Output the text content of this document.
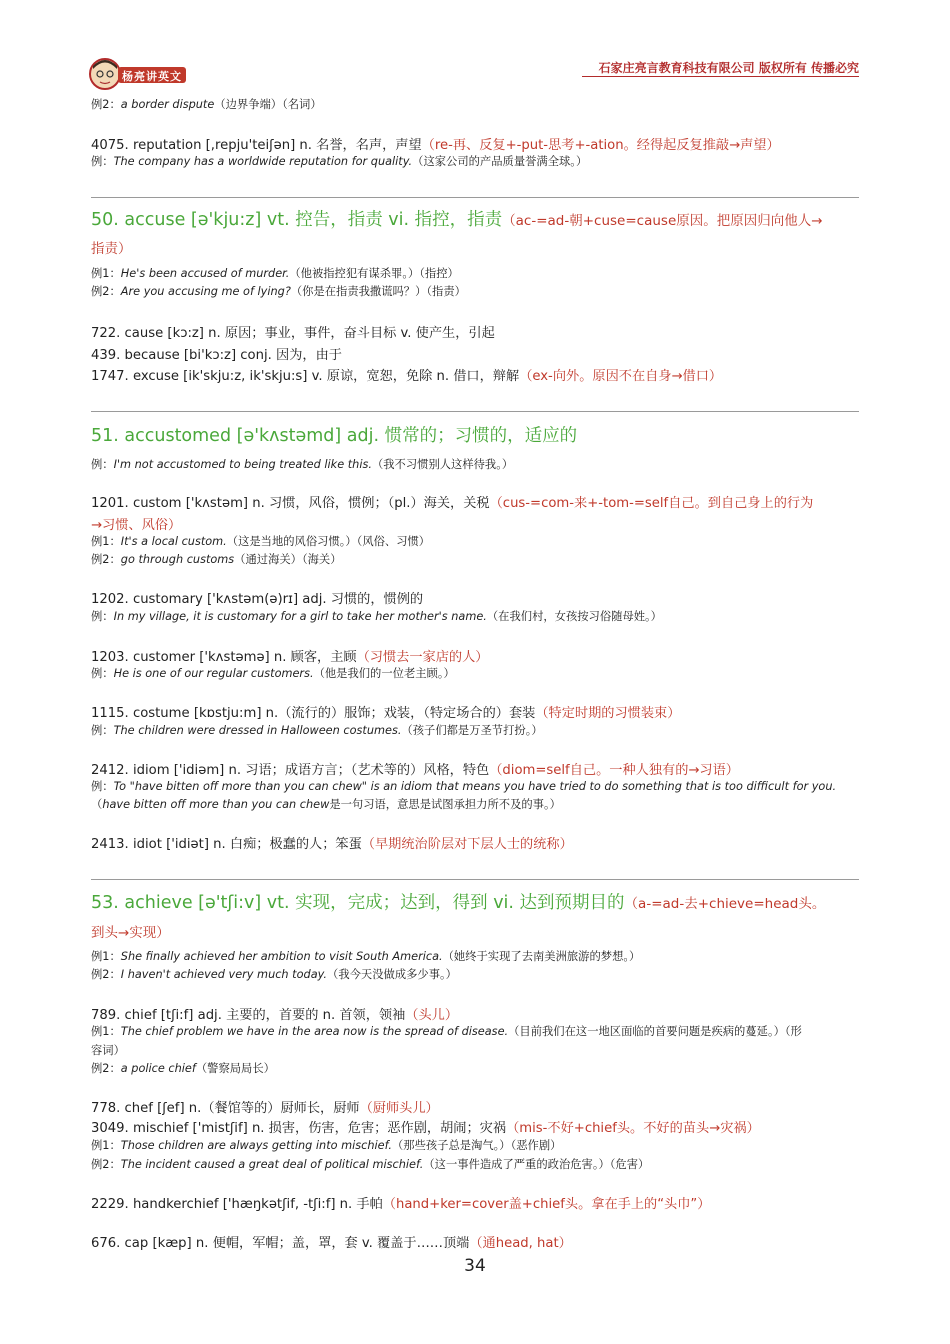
杨亮讲英文
石家庄亮言教育科技有限公司 版权所有 传播必究
例2：a border dispute（边界争端）（名词）
4075. reputation [,repju'teiʃən] n. 名誉，名声，声望（re-再、反复+-put-思考+-ation。经得起反复推敲→声望）
例：The company has a worldwide reputation for quality.（这家公司的产品质量誉满全球。）
50. accuse [ə'kju:z] vt. 控告，指责 vi. 指控，指责（ac-=ad-朝+cuse=cause原因。把原因归向他人→
指责）
例1：He's been accused of murder.（他被指控犯有谋杀罪。）（指控）
例2：Are you accusing me of lying?（你是在指责我撒谎吗？）（指责）
722. cause [kɔ:z] n. 原因；事业，事件，奋斗目标 v. 使产生，引起
439. because [bi'kɔ:z] conj. 因为，由于
1747. excuse [ik'skju:z, ik'skju:s] v. 原谅，宽恕，免除 n. 借口，辩解（ex-向外。原因不在自身→借口）
51. accustomed [ə'kʌstəmd] adj. 惯常的；习惯的，适应的
例：I'm not accustomed to being treated like this.（我不习惯别人这样待我。）
1201. custom ['kʌstəm] n. 习惯，风俗，惯例；（pl.）海关，关税（cus-=com-来+-tom-=self自己。到自己身上的行为
→习惯、风俗）
例1：It's a local custom.（这是当地的风俗习惯。）（风俗、习惯）
例2：go through customs（通过海关）（海关）
1202. customary ['kʌstəm(ə)rɪ] adj. 习惯的，惯例的
例：In my village, it is customary for a girl to take her mother's name.（在我们村，女孩按习俗随母姓。）
1203. customer ['kʌstəmə] n. 顾客，主顾（习惯去一家店的人）
例：He is one of our regular customers.（他是我们的一位老主顾。）
1115. costume [kɒstju:m] n.（流行的）服饰；戏装，（特定场合的）套装（特定时期的习惯装束）
例：The children were dressed in Halloween costumes.（孩子们都是万圣节打扮。）
2412. idiom ['idiəm] n. 习语；成语方言；（艺术等的）风格，特色（diom=self自己。一种人独有的→习语）
例：To "have bitten off more than you can chew" is an idiom that means you have tried to do something that is too difficult for you.
（have bitten off more than you can chew是一句习语，意思是试图承担力所不及的事。）
2413. idiot ['idiət] n. 白痴；极蠢的人；笨蛋（早期统治阶层对下层人士的统称）
53. achieve [ə'tʃi:v] vt. 实现，完成；达到，得到 vi. 达到预期目的（a-=ad-去+chieve=head头。
到头→实现）
例1：She finally achieved her ambition to visit South America.（她终于实现了去南美洲旅游的梦想。）
例2：I haven't achieved very much today.（我今天没做成多少事。）
789. chief [tʃi:f] adj. 主要的，首要的 n. 首领，领袖（头儿）
例1：The chief problem we have in the area now is the spread of disease.（目前我们在这一地区面临的首要问题是疾病的蔓延。）（形
容词）
例2：a police chief（警察局局长）
778. chef [ʃef] n.（餐馆等的）厨师长，厨师（厨师头儿）
3049. mischief ['mistʃif] n. 损害，伤害，危害；恶作剧，胡闹；灾祸（mis-不好+chief头。不好的苗头→灾祸）
例1：Those children are always getting into mischief.（那些孩子总是淘气。）（恶作剧）
例2：The incident caused a great deal of political mischief.（这一事件造成了严重的政治危害。）（危害）
2229. handkerchief ['hæŋkətʃif, -tʃi:f] n. 手帕（hand+ker=cover盖+chief头。拿在手上的“头巾”）
676. cap [kæp] n. 便帽，军帽；盖，罩，套 v. 覆盖于……顶端（通head, hat）
34
